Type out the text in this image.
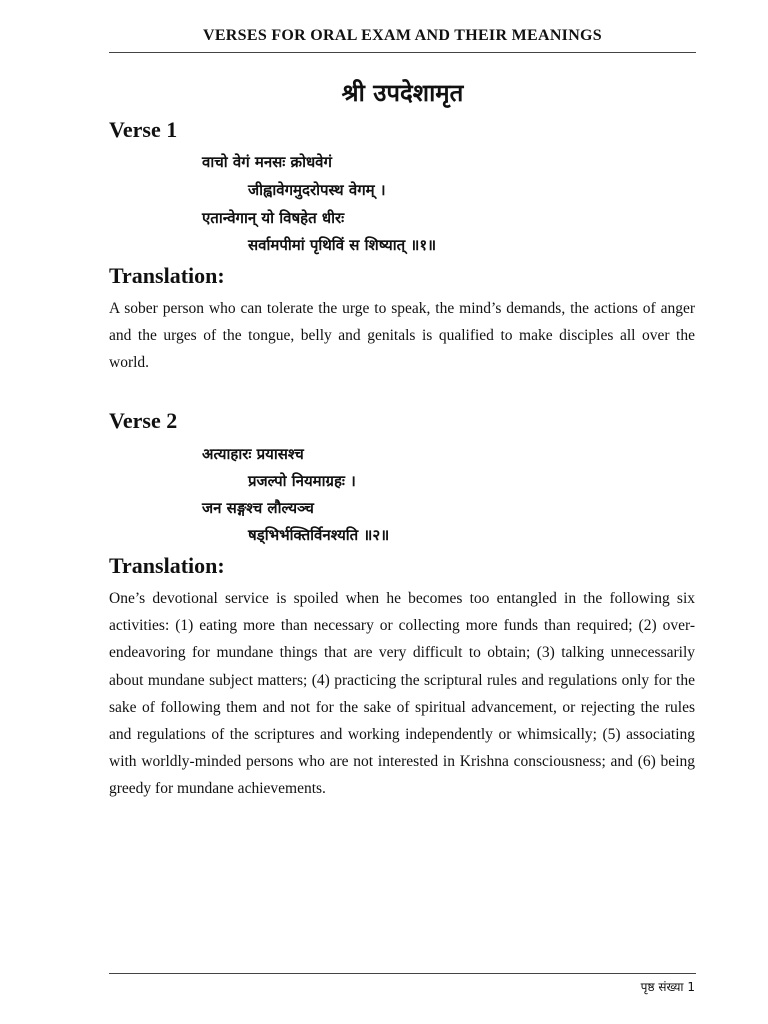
VERSES FOR ORAL EXAM AND THEIR MEANINGS
श्री उपदेशामृत
Verse 1
वाचो वेगं मनसः क्रोधवेगं
जीह्वावेगमुदरोपस्थ वेगम् ।
एतान्वेगान् यो विषहेत धीरः
सर्वामपीमां पृथिविं स शिष्यात् ॥१॥
Translation:

A sober person who can tolerate the urge to speak, the mind’s demands, the actions of anger and the urges of the tongue, belly and genitals is qualified to make disciples all over the world.

Verse 2
अत्याहारः प्रयासश्च
प्रजल्पो नियमाग्रहः ।
जन सङ्गश्च लौल्यञ्च
षड्भिर्भक्तिर्विनश्यति ॥२॥
Translation:

One’s devotional service is spoiled when he becomes too entangled in the following six activities: (1) eating more than necessary or collecting more funds than required; (2) over-endeavoring for mundane things that are very difficult to obtain; (3) talking unnecessarily about mundane subject matters; (4) practicing the scriptural rules and regulations only for the sake of following them and not for the sake of spiritual advancement, or rejecting the rules and regulations of the scriptures and working independently or whimsically; (5) associating with worldly-minded persons who are not interested in Krishna consciousness; and (6) being greedy for mundane achievements.

पृष्ठ संख्या 1
